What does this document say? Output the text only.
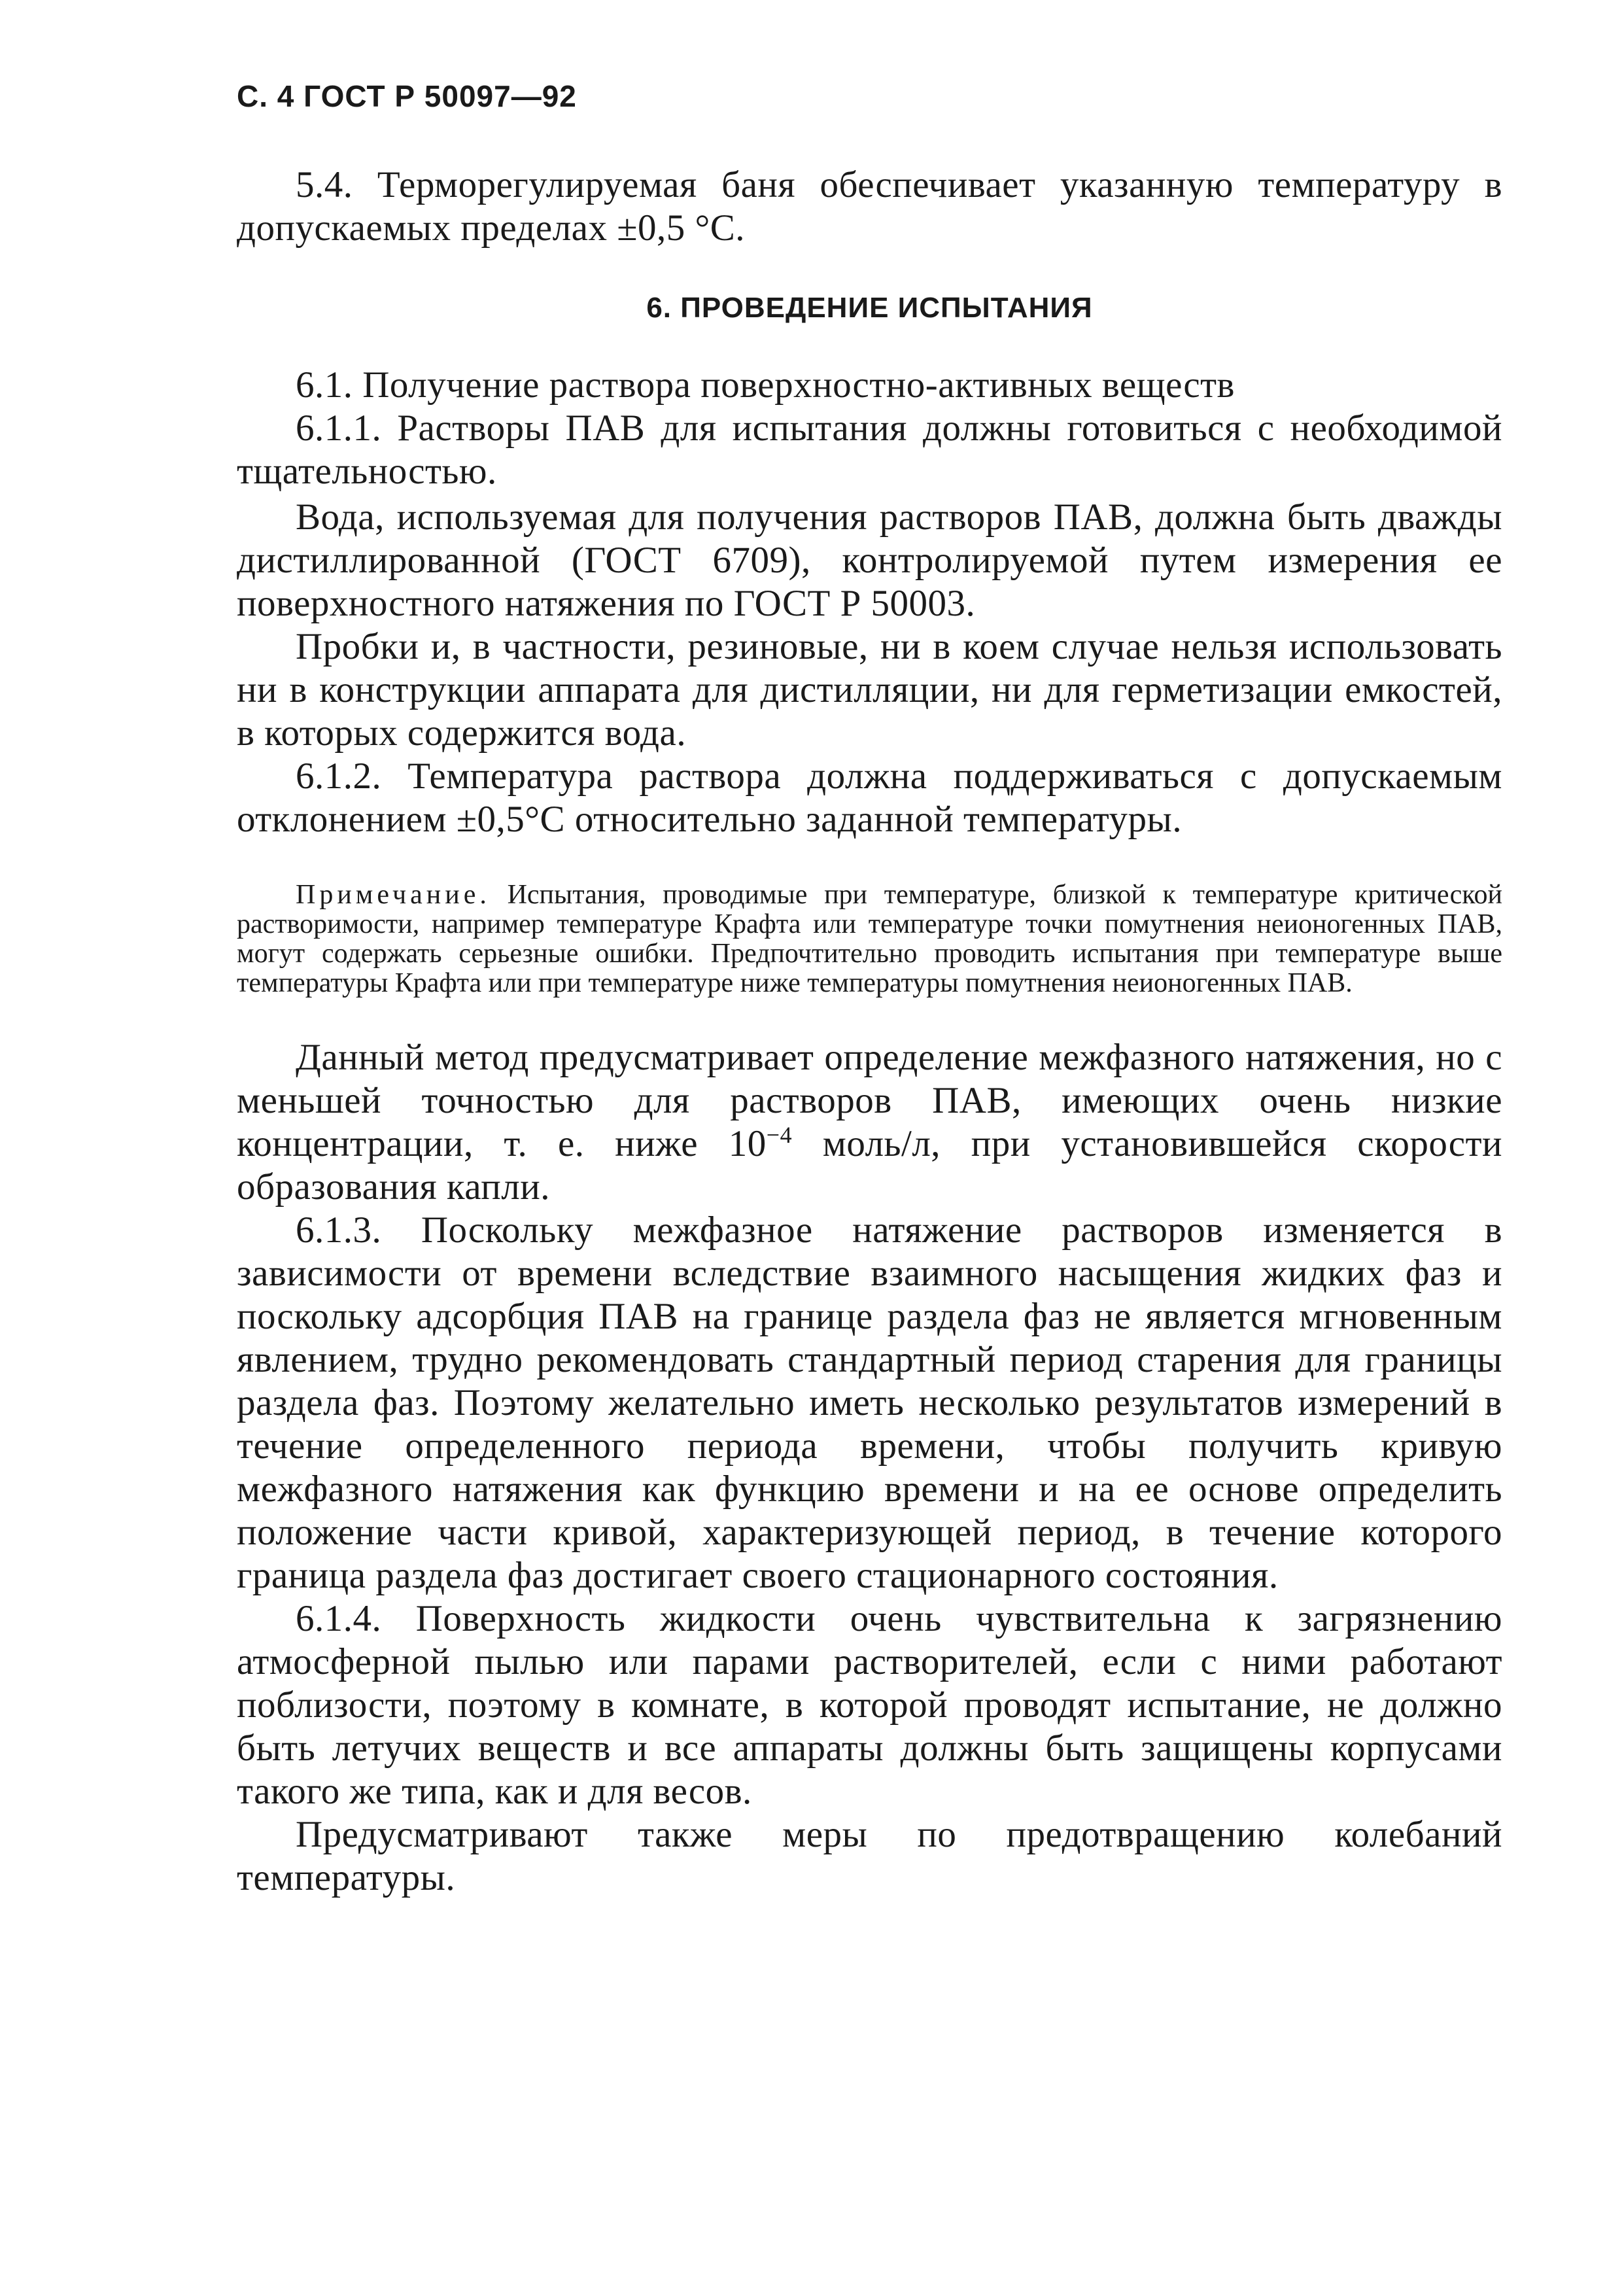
С. 4 ГОСТ Р 50097—92

5.4. Терморегулируемая баня обеспечивает указанную температуру в допускаемых пределах ±0,5 °С.

6. ПРОВЕДЕНИЕ ИСПЫТАНИЯ

6.1. Получение раствора поверхностно-активных веществ

6.1.1. Растворы ПАВ для испытания должны готовиться с необходимой тщательностью.

Вода, используемая для получения растворов ПАВ, должна быть дважды дистиллированной (ГОСТ 6709), контролируемой путем измерения ее поверхностного натяжения по ГОСТ Р 50003.

Пробки и, в частности, резиновые, ни в коем случае нельзя использовать ни в конструкции аппарата для дистилляции, ни для герметизации емкостей, в которых содержится вода.

6.1.2. Температура раствора должна поддерживаться с допускаемым отклонением ±0,5°С относительно заданной температуры.

Примечание. Испытания, проводимые при температуре, близкой к температуре критической растворимости, например температуре Крафта или температуре точки помутнения неионогенных ПАВ, могут содержать серьезные ошибки. Предпочтительно проводить испытания при температуре выше температуры Крафта или при температуре ниже температуры помутнения неионогенных ПАВ.

Данный метод предусматривает определение межфазного натяжения, но с меньшей точностью для растворов ПАВ, имеющих очень низкие концентрации, т. е. ниже $10^{-4}$ моль/л, при установившейся скорости образования капли.

6.1.3. Поскольку межфазное натяжение растворов изменяется в зависимости от времени вследствие взаимного насыщения жидких фаз и поскольку адсорбция ПАВ на границе раздела фаз не является мгновенным явлением, трудно рекомендовать стандартный период старения для границы раздела фаз. Поэтому желательно иметь несколько результатов измерений в течение определенного периода времени, чтобы получить кривую межфазного натяжения как функцию времени и на ее основе определить положение части кривой, характеризующей период, в течение которого граница раздела фаз достигает своего стационарного состояния.

6.1.4. Поверхность жидкости очень чувствительна к загрязнению атмосферной пылью или парами растворителей, если с ними работают поблизости, поэтому в комнате, в которой проводят испытание, не должно быть летучих веществ и все аппараты должны быть защищены корпусами такого же типа, как и для весов.

Предусматривают также меры по предотвращению колебаний температуры.
